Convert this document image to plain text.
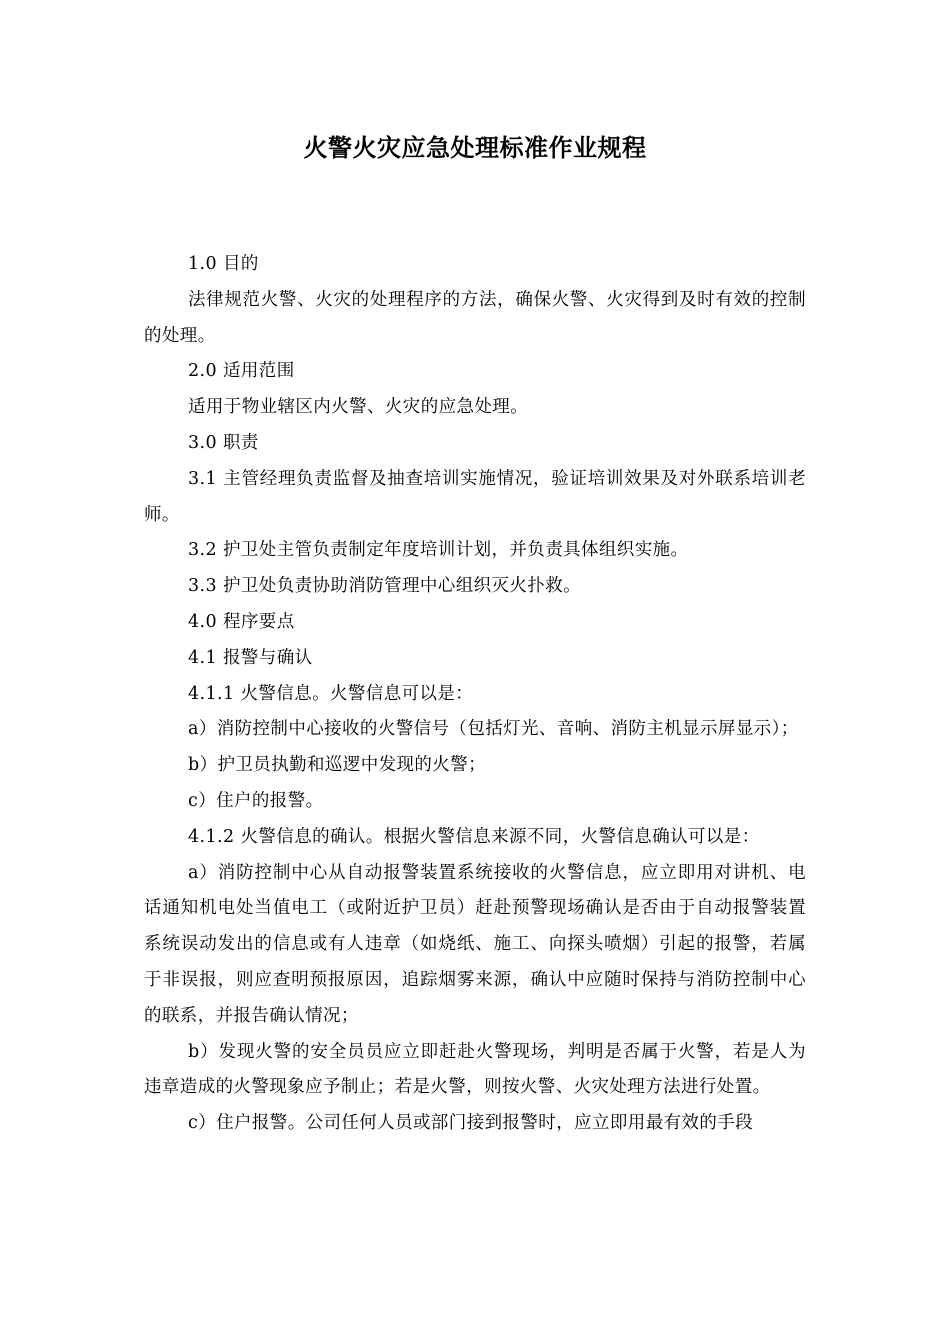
火警火灾应急处理标准作业规程

1.0 目的

法律规范火警、火灾的处理程序的方法，确保火警、火灾得到及时有效的控制的处理。

2.0 适用范围

适用于物业辖区内火警、火灾的应急处理。

3.0 职责

3.1 主管经理负责监督及抽查培训实施情况，验证培训效果及对外联系培训老师。

3.2 护卫处主管负责制定年度培训计划，并负责具体组织实施。

3.3 护卫处负责协助消防管理中心组织灭火扑救。

4.0 程序要点

4.1 报警与确认

4.1.1 火警信息。火警信息可以是：

a）消防控制中心接收的火警信号（包括灯光、音响、消防主机显示屏显示）；

b）护卫员执勤和巡逻中发现的火警；

c）住户的报警。

4.1.2 火警信息的确认。根据火警信息来源不同，火警信息确认可以是：

a）消防控制中心从自动报警装置系统接收的火警信息，应立即用对讲机、电话通知机电处当值电工（或附近护卫员）赶赴预警现场确认是否由于自动报警装置系统误动发出的信息或有人违章（如烧纸、施工、向探头喷烟）引起的报警，若属于非误报，则应查明预报原因，追踪烟雾来源，确认中应随时保持与消防控制中心的联系，并报告确认情况；

b）发现火警的安全员员应立即赶赴火警现场，判明是否属于火警，若是人为违章造成的火警现象应予制止；若是火警，则按火警、火灾处理方法进行处置。

c）住户报警。公司任何人员或部门接到报警时，应立即用最有效的手段
